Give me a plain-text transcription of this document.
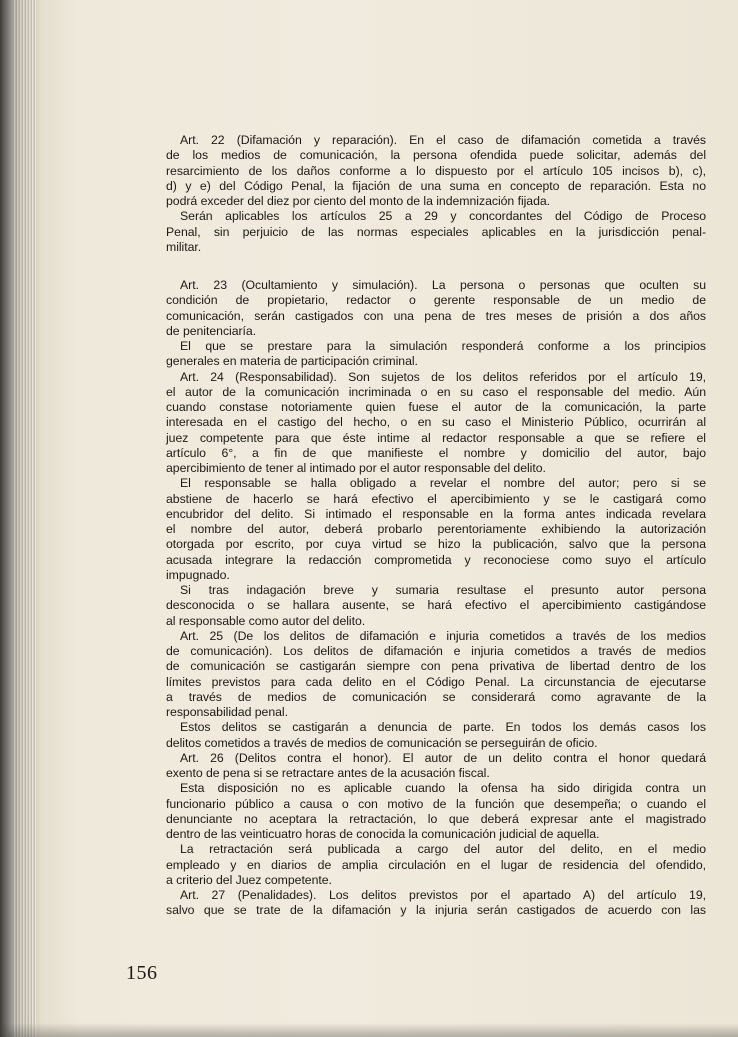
Art. 22 (Difamación y reparación). En el caso de difamación cometida a través
de los medios de comunicación, la persona ofendida puede solicitar, además del
resarcimiento de los daños conforme a lo dispuesto por el artículo 105 incisos b), c),
d) y e) del Código Penal, la fijación de una suma en concepto de reparación. Esta no
podrá exceder del diez por ciento del monto de la indemnización fijada.
Serán aplicables los artículos 25 a 29 y concordantes del Código de Proceso
Penal, sin perjuicio de las normas especiales aplicables en la jurisdicción penal-
militar.
Art. 23 (Ocultamiento y simulación). La persona o personas que oculten su
condición de propietario, redactor o gerente responsable de un medio de
comunicación, serán castigados con una pena de tres meses de prisión a dos años
de penitenciaría.
El que se prestare para la simulación responderá conforme a los principios
generales en materia de participación criminal.
Art. 24 (Responsabilidad). Son sujetos de los delitos referidos por el artículo 19,
el autor de la comunicación incriminada o en su caso el responsable del medio. Aún
cuando constase notoriamente quien fuese el autor de la comunicación, la parte
interesada en el castigo del hecho, o en su caso el Ministerio Público, ocurrirán al
juez competente para que éste intime al redactor responsable a que se refiere el
artículo 6°, a fin de que manifieste el nombre y domicilio del autor, bajo
apercibimiento de tener al intimado por el autor responsable del delito.
El responsable se halla obligado a revelar el nombre del autor; pero si se
abstiene de hacerlo se hará efectivo el apercibimiento y se le castigará como
encubridor del delito. Si intimado el responsable en la forma antes indicada revelara
el nombre del autor, deberá probarlo perentoriamente exhibiendo la autorización
otorgada por escrito, por cuya virtud se hizo la publicación, salvo que la persona
acusada integrare la redacción comprometida y reconociese como suyo el artículo
impugnado.
Si tras indagación breve y sumaria resultase el presunto autor persona
desconocida o se hallara ausente, se hará efectivo el apercibimiento castigándose
al responsable como autor del delito.
Art. 25 (De los delitos de difamación e injuria cometidos a través de los medios
de comunicación). Los delitos de difamación e injuria cometidos a través de medios
de comunicación se castigarán siempre con pena privativa de libertad dentro de los
límites previstos para cada delito en el Código Penal. La circunstancia de ejecutarse
a través de medios de comunicación se considerará como agravante de la
responsabilidad penal.
Estos delitos se castigarán a denuncia de parte. En todos los demás casos los
delitos cometidos a través de medios de comunicación se perseguirán de oficio.
Art. 26 (Delitos contra el honor). El autor de un delito contra el honor quedará
exento de pena si se retractare antes de la acusación fiscal.
Esta disposición no es aplicable cuando la ofensa ha sido dirigida contra un
funcionario público a causa o con motivo de la función que desempeña; o cuando el
denunciante no aceptara la retractación, lo que deberá expresar ante el magistrado
dentro de las veinticuatro horas de conocida la comunicación judicial de aquella.
La retractación será publicada a cargo del autor del delito, en el medio
empleado y en diarios de amplia circulación en el lugar de residencia del ofendido,
a criterio del Juez competente.
Art. 27 (Penalidades). Los delitos previstos por el apartado A) del artículo 19,
salvo que se trate de la difamación y la injuria serán castigados de acuerdo con las
156
